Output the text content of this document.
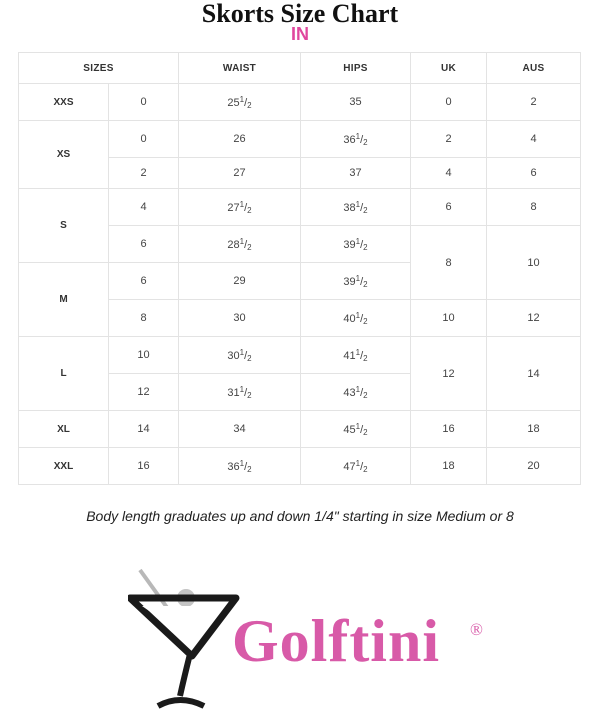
Skorts Size Chart
IN
SIZES		WAIST	HIPS	UK	AUS
XXS	0	$25^1/_2$	35	0	2
XS	0	26	$36^1/_2$	2	4
	2	27	37	4	6
S	4	$27^1/_2$	$38^1/_2$	6	8
	6	$28^1/_2$	$39^1/_2$	8	10
M	6	29	$39^1/_2$
	8	30	$40^1/_2$	10	12
L	10	$30^1/_2$	$41^1/_2$	12	14
	12	$31^1/_2$	$43^1/_2$
XL	14	34	$45^1/_2$	16	18
XXL	16	$36^1/_2$	$47^1/_2$	18	20
Body length graduates up and down 1/4" starting in size Medium or 8
Golftini ®
